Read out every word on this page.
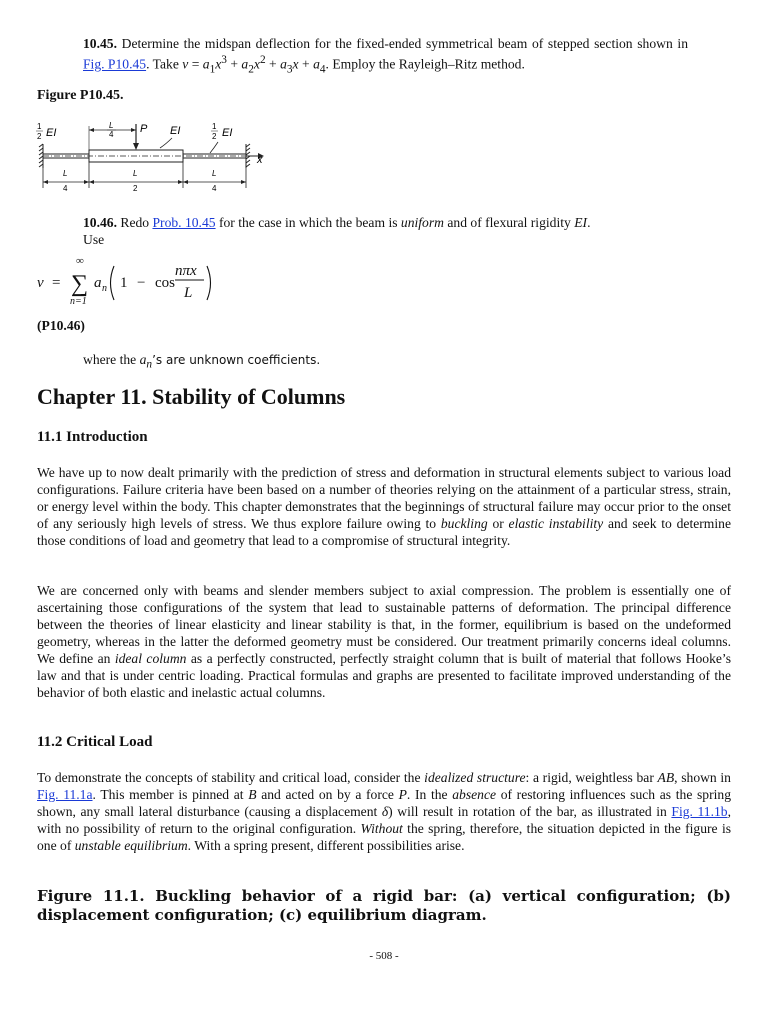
10.45. Determine the midspan deflection for the fixed-ended symmetrical beam of stepped section shown in Fig. P10.45. Take $v = a_1x^3 + a_2x^2 + a_3x + a_4$. Employ the Rayleigh–Ritz method.

Figure P10.45.
x
P
L
4
1
2 EI	EI	1
2 EI
L
4
L
2
L
4

10.46. Redo Prob. 10.45 for the case in which the beam is uniform and of flexural rigidity EI.
Use

v =
∞
∑
n=1
a n 1 − cos
nπx
L
(P10.46)
where the $a_n’s$ are unknown coefficients.
Chapter 11. Stability of Columns
11.1 Introduction

We have up to now dealt primarily with the prediction of stress and deformation in structural elements subject to various load configurations. Failure criteria have been based on a number of theories relying on the attainment of a particular stress, strain, or energy level within the body. This chapter demonstrates that the beginnings of structural failure may occur prior to the onset of any seriously high levels of stress. We thus explore failure owing to buckling or elastic instability and seek to determine those conditions of load and geometry that lead to a compromise of structural integrity.

We are concerned only with beams and slender members subject to axial compression. The problem is essentially one of ascertaining those configurations of the system that lead to sustainable patterns of deformation. The principal difference between the theories of linear elasticity and linear stability is that, in the former, equilibrium is based on the undeformed geometry, whereas in the latter the deformed geometry must be considered. Our treatment primarily concerns ideal columns. We define an ideal column as a perfectly constructed, perfectly straight column that is built of material that follows Hooke’s law and that is under centric loading. Practical formulas and graphs are presented to facilitate improved understanding of the behavior of both elastic and inelastic actual columns.

11.2 Critical Load

To demonstrate the concepts of stability and critical load, consider the idealized structure: a rigid, weightless bar AB, shown in Fig. 11.1a. This member is pinned at B and acted on by a force P. In the absence of restoring influences such as the spring shown, any small lateral disturbance (causing a displacement δ) will result in rotation of the bar, as illustrated in Fig. 11.1b, with no possibility of return to the original configuration. Without the spring, therefore, the situation depicted in the figure is one of unstable equilibrium. With a spring present, different possibilities arise.

Figure 11.1. Buckling behavior of a rigid bar: (a) vertical configuration; (b) displacement configuration; (c) equilibrium diagram.
- 508 -
